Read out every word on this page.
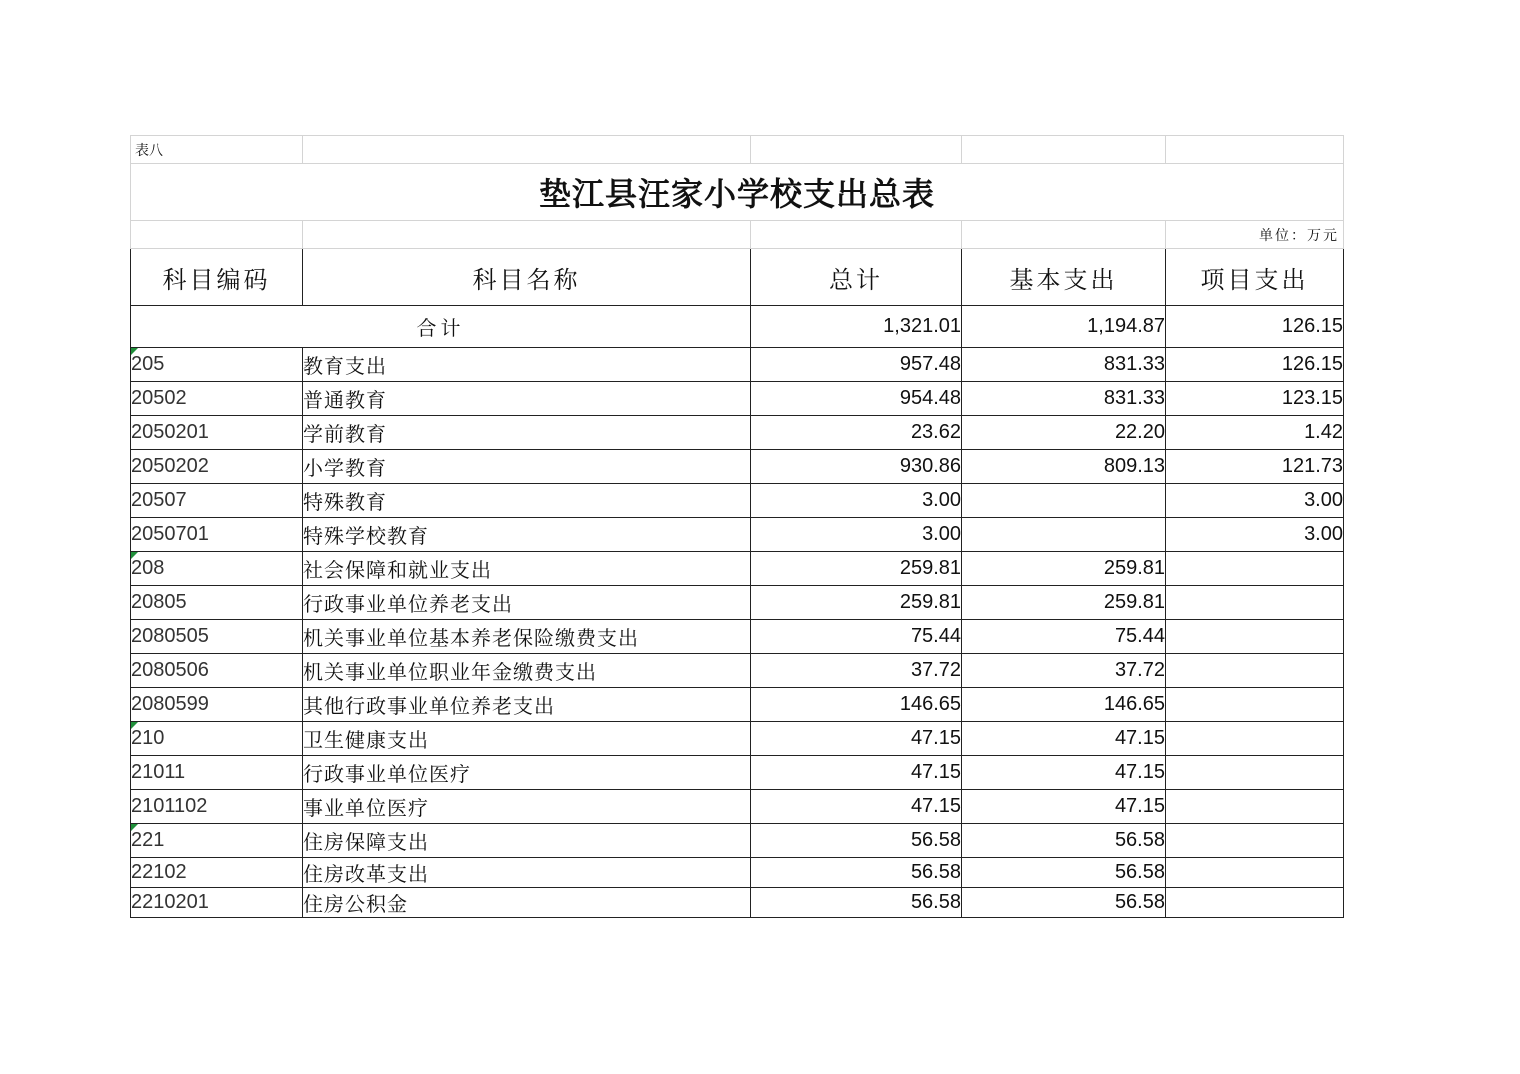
表八				
垫江县汪家小学校支出总表				
				单位：万元
科目编码	科目名称	总计	基本支出	项目支出
合计		1,321.01	1,194.87	126.15

205	教育支出	957.48	831.33	126.15
20502	普通教育	954.48	831.33	123.15
2050201	学前教育	23.62	22.20	1.42
2050202	小学教育	930.86	809.13	121.73
20507	特殊教育	3.00		3.00
2050701	特殊学校教育	3.00		3.00

208	社会保障和就业支出	259.81	259.81	
20805	行政事业单位养老支出	259.81	259.81	
2080505	机关事业单位基本养老保险缴费支出	75.44	75.44	
2080506	机关事业单位职业年金缴费支出	37.72	37.72	
2080599	其他行政事业单位养老支出	146.65	146.65	

210	卫生健康支出	47.15	47.15	
21011	行政事业单位医疗	47.15	47.15	
2101102	事业单位医疗	47.15	47.15	

221	住房保障支出	56.58	56.58	
22102	住房改革支出	56.58	56.58	
2210201	住房公积金	56.58	56.58	
